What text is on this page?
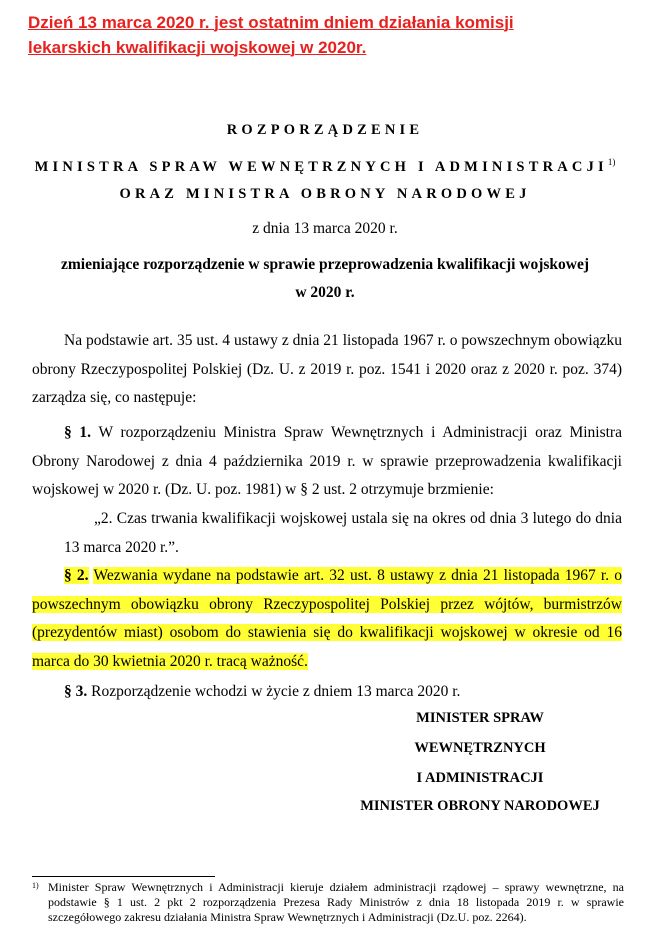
Dzień 13 marca 2020 r. jest ostatnim dniem działania komisji lekarskich kwalifikacji wojskowej w 2020r.
ROZPORZĄDZENIE
MINISTRA SPRAW WEWNĘTRZNYCH I ADMINISTRACJI$^{1)}$
ORAZ MINISTRA OBRONY NARODOWEJ
z dnia 13 marca 2020 r.
zmieniające rozporządzenie w sprawie przeprowadzenia kwalifikacji wojskowej
w 2020 r.
Na podstawie art. 35 ust. 4 ustawy z dnia 21 listopada 1967 r. o powszechnym obowiązku obrony Rzeczypospolitej Polskiej (Dz. U. z 2019 r. poz. 1541 i 2020 oraz z 2020 r. poz. 374) zarządza się, co następuje:
§ 1. W rozporządzeniu Ministra Spraw Wewnętrznych i Administracji oraz Ministra Obrony Narodowej z dnia 4 października 2019 r. w sprawie przeprowadzenia kwalifikacji wojskowej w 2020 r. (Dz. U. poz. 1981) w § 2 ust. 2 otrzymuje brzmienie:
„2. Czas trwania kwalifikacji wojskowej ustala się na okres od dnia 3 lutego do dnia 13 marca 2020 r.”.
§ 2. Wezwania wydane na podstawie art. 32 ust. 8 ustawy z dnia 21 listopada 1967 r. o powszechnym obowiązku obrony Rzeczypospolitej Polskiej przez wójtów, burmistrzów (prezydentów miast) osobom do stawienia się do kwalifikacji wojskowej w okresie od 16 marca do 30 kwietnia 2020 r. tracą ważność.
§ 3. Rozporządzenie wchodzi w życie z dniem 13 marca 2020 r.
MINISTER SPRAW
WEWNĘTRZNYCH
I ADMINISTRACJI
MINISTER OBRONY NARODOWEJ
1) Minister Spraw Wewnętrznych i Administracji kieruje działem administracji rządowej – sprawy wewnętrzne, na podstawie § 1 ust. 2 pkt 2 rozporządzenia Prezesa Rady Ministrów z dnia 18 listopada 2019 r. w sprawie szczegółowego zakresu działania Ministra Spraw Wewnętrznych i Administracji (Dz.U. poz. 2264).
